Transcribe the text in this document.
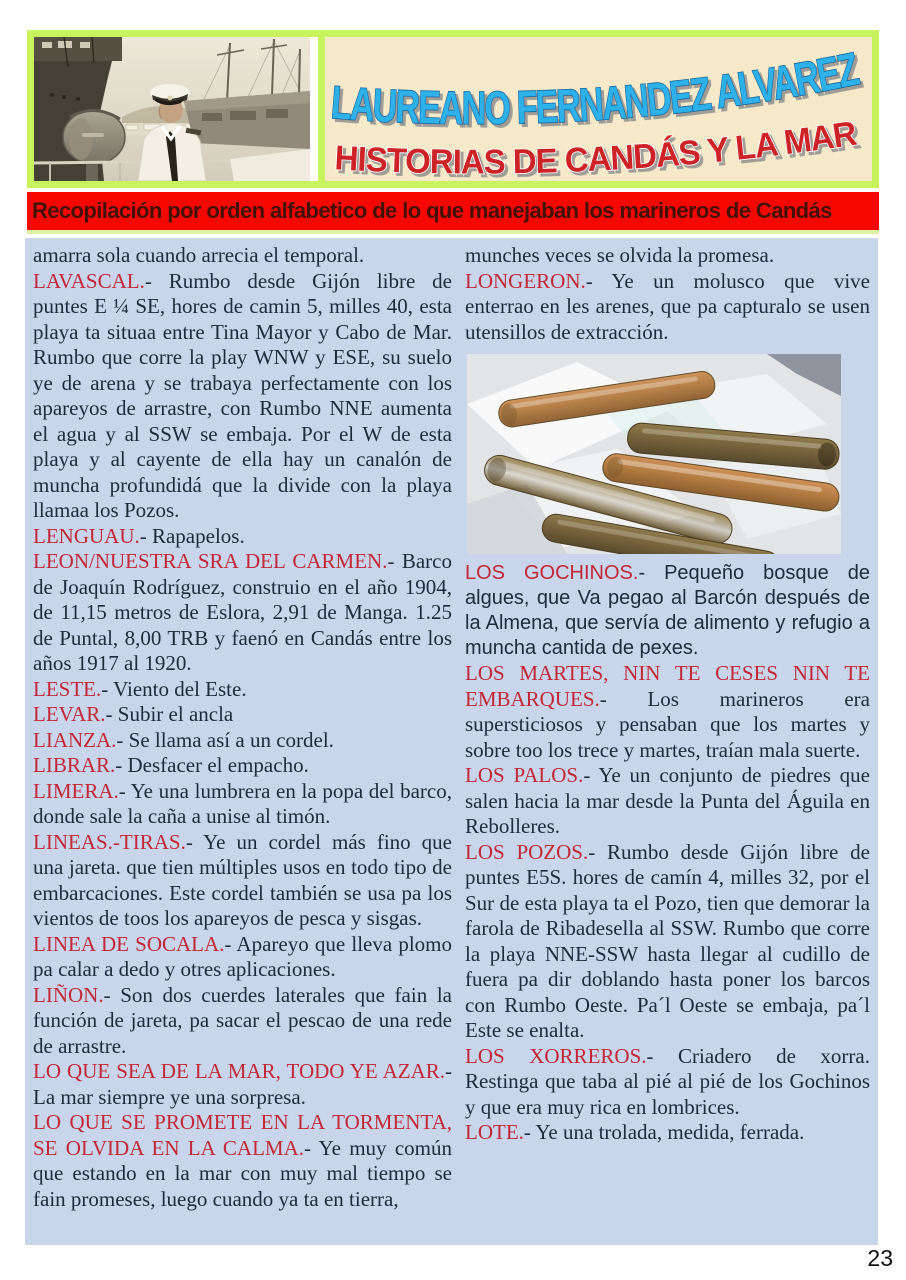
LAUREANO FERNANDEZ ALVAREZ
HISTORIAS DE CANDÁS Y LA MAR
Recopilación por orden alfabetico de lo que manejaban los marineros de Candás

amarra sola cuando arrecia el temporal.

LAVASCAL.- Rumbo desde Gijón libre de puntes E ¼ SE, hores de camin 5, milles 40, esta playa ta situaa entre Tina Mayor y Cabo de Mar. Rumbo que corre la play WNW y ESE, su suelo ye de arena y se trabaya perfectamente con los apareyos de arrastre, con Rumbo NNE aumenta el agua y al SSW se embaja. Por el W de esta playa y al cayente de ella hay un canalón de muncha profundidá que la divide con la playa llamaa los Pozos.

LENGUAU.- Rapapelos.

LEON/NUESTRA SRA DEL CARMEN.- Barco de Joaquín Rodríguez, construio en el año 1904, de 11,15 metros de Eslora, 2,91 de Manga. 1.25 de Puntal, 8,00 TRB y faenó en Candás entre los años 1917 al 1920.

LESTE.- Viento del Este.

LEVAR.- Subir el ancla

LIANZA.- Se llama así a un cordel.

LIBRAR.- Desfacer el empacho.

LIMERA.- Ye una lumbrera en la popa del barco, donde sale la caña a unise al timón.

LINEAS.-TIRAS.- Ye un cordel más fino que una jareta. que tien múltiples usos en todo tipo de embarcaciones. Este cordel también se usa pa los vientos de toos los apareyos de pesca y sisgas.

LINEA DE SOCALA.- Apareyo que lleva plomo pa calar a dedo y otres aplicaciones.

LIÑON.- Son dos cuerdes laterales que fain la función de jareta, pa sacar el pescao de una rede de arrastre.

LO QUE SEA DE LA MAR, TODO YE AZAR.- La mar siempre ye una sorpresa.

LO QUE SE PROMETE EN LA TORMENTA, SE OLVIDA EN LA CALMA.- Ye muy común que estando en la mar con muy mal tiempo se fain promeses, luego cuando ya ta en tierra,

munches veces se olvida la promesa.

LONGERON.- Ye un molusco que vive enterrao en les arenes, que pa capturalo se usen utensillos de extracción.

LOS GOCHINOS.- Pequeño bosque de algues, que Va pegao al Barcón después de la Almena, que servía de alimento y refugio a muncha cantida de pexes.

LOS MARTES, NIN TE CESES NIN TE EMBARQUES.- Los marineros era supersticiosos y pensaban que los martes y sobre too los trece y martes, traían mala suerte.

LOS PALOS.- Ye un conjunto de piedres que salen hacia la mar desde la Punta del Águila en Rebolleres.

LOS POZOS.- Rumbo desde Gijón libre de puntes E5S. hores de camín 4, milles 32, por el Sur de esta playa ta el Pozo, tien que demorar la farola de Ribadesella al SSW. Rumbo que corre la playa NNE-SSW hasta llegar al cudillo de fuera pa dir doblando hasta poner los barcos con Rumbo Oeste. Pa´l Oeste se embaja, pa´l Este se enalta.

LOS XORREROS.- Criadero de xorra. Restinga que taba al pié al pié de los Gochinos y que era muy rica en lombrices.

LOTE.- Ye una trolada, medida, ferrada.

23
